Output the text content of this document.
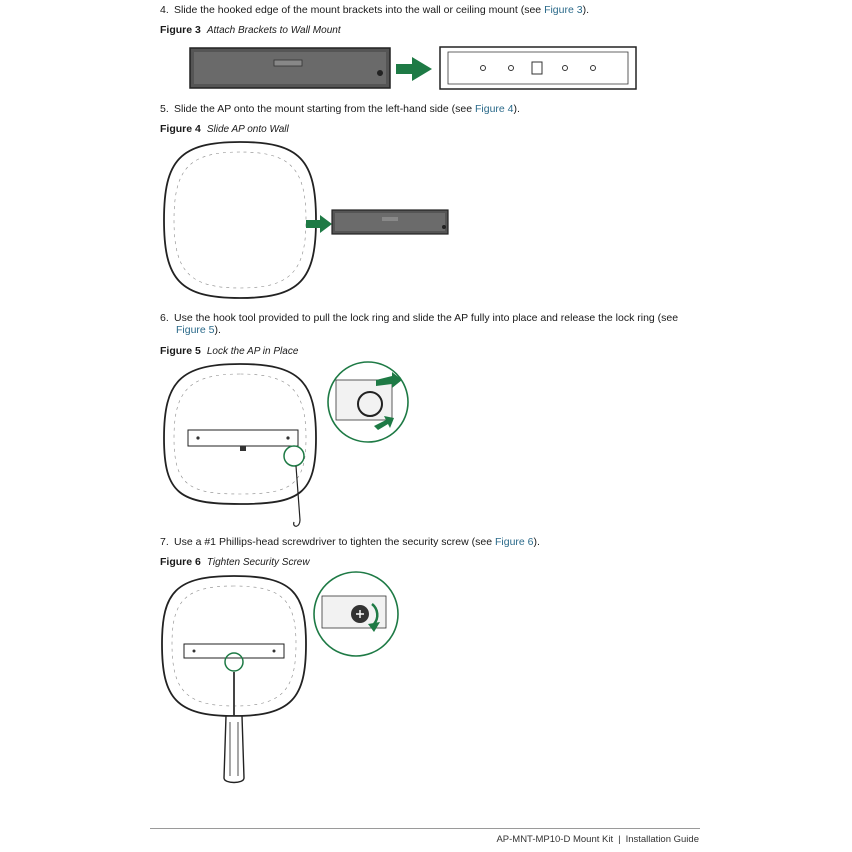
4. Slide the hooked edge of the mount brackets into the wall or ceiling mount (see Figure 3).
Figure 3 Attach Brackets to Wall Mount
5. Slide the AP onto the mount starting from the left-hand side (see Figure 4).
Figure 4 Slide AP onto Wall
6. Use the hook tool provided to pull the lock ring and slide the AP fully into place and release the lock ring (see
Figure 5).
Figure 5 Lock the AP in Place
7. Use a #1 Phillips-head screwdriver to tighten the security screw (see Figure 6).
Figure 6 Tighten Security Screw
AP-MNT-MP10-D Mount Kit | Installation Guide
